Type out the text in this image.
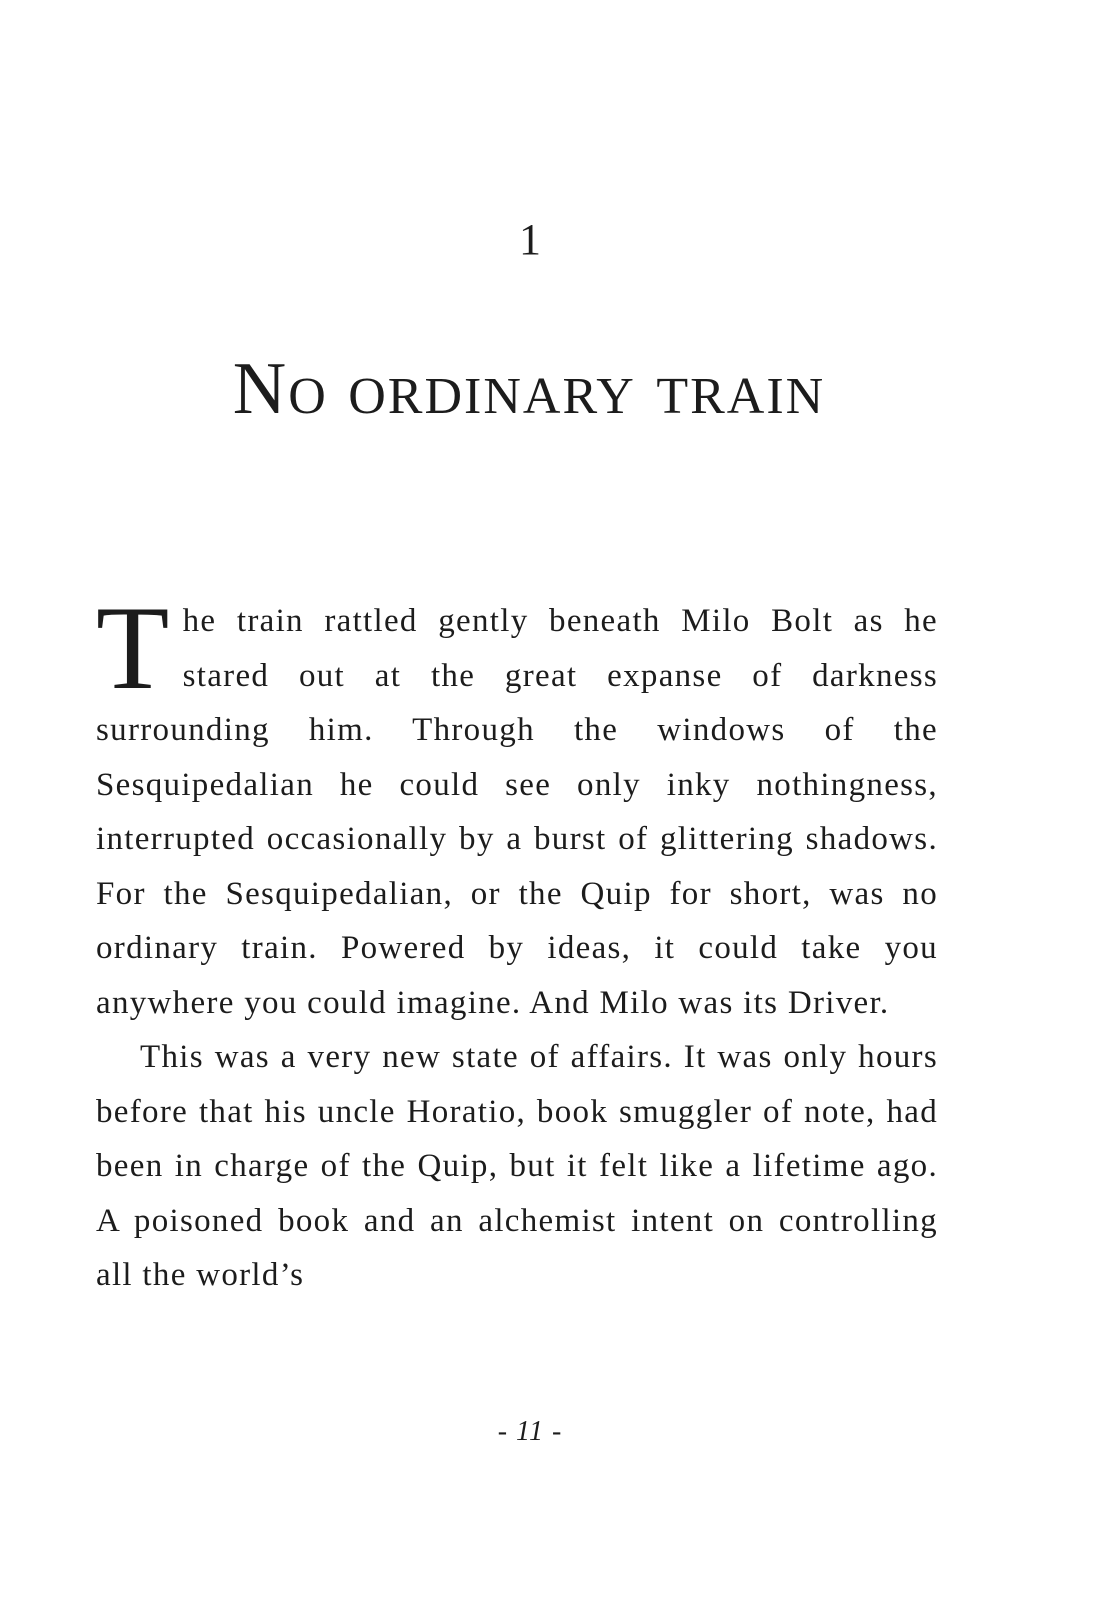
1
No ordinary train

The train rattled gently beneath Milo Bolt as he stared out at the great expanse of darkness surrounding him. Through the windows of the Sesquipedalian he could see only inky nothingness, interrupted occasionally by a burst of glittering shadows. For the Sesquipedalian, or the Quip for short, was no ordinary train. Powered by ideas, it could take you anywhere you could imagine. And Milo was its Driver.

This was a very new state of affairs. It was only hours before that his uncle Horatio, book smuggler of note, had been in charge of the Quip, but it felt like a lifetime ago. A poisoned book and an alchemist intent on controlling all the world’s

- 11 -
